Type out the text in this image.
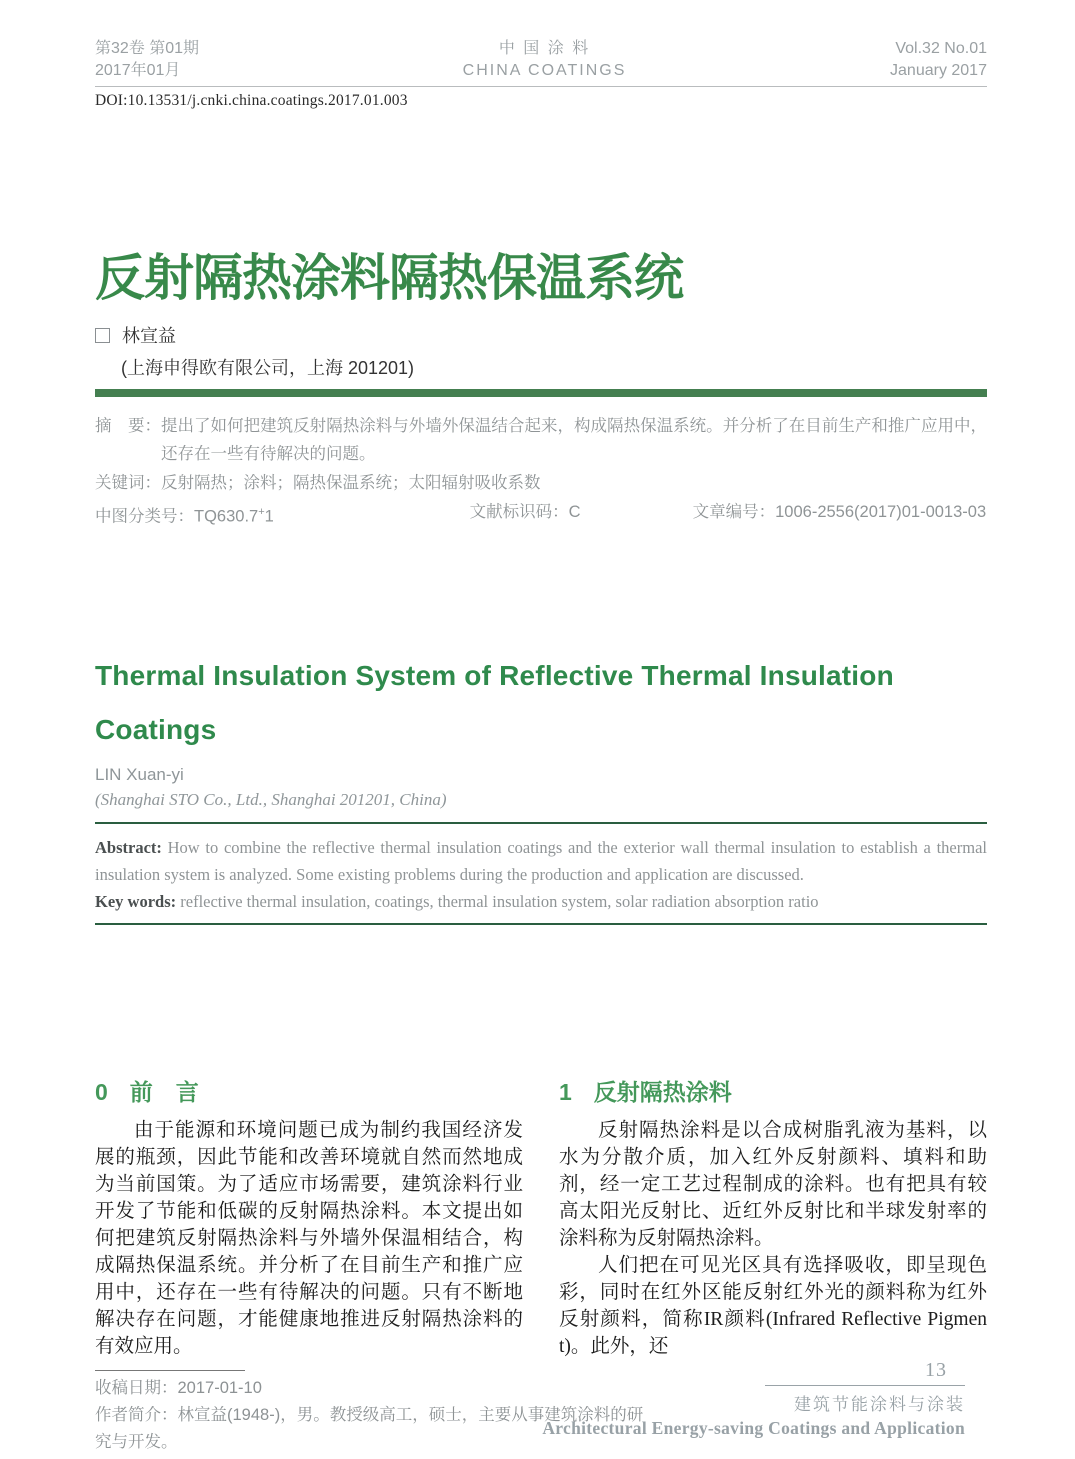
第32卷 第01期
2017年01月
中 国 涂 料
CHINA COATINGS
Vol.32 No.01
January 2017
DOI:10.13531/j.cnki.china.coatings.2017.01.003
反射隔热涂料隔热保温系统
林宣益
(上海申得欧有限公司，上海 201201)
摘　要： 提出了如何把建筑反射隔热涂料与外墙外保温结合起来，构成隔热保温系统。并分析了在目前生产和推广应用中，还存在一些有待解决的问题。
关键词：反射隔热；涂料；隔热保温系统；太阳辐射吸收系数
中图分类号：TQ630.7+1	文献标识码：C	文章编号：1006-2556(2017)01-0013-03
Thermal Insulation System of Reflective Thermal Insulation Coatings
LIN Xuan-yi
(Shanghai STO Co., Ltd., Shanghai 201201, China)

Abstract: How to combine the reflective thermal insulation coatings and the exterior wall thermal insulation to establish a thermal insulation system is analyzed. Some existing problems during the production and application are discussed.

Key words: reflective thermal insulation, coatings, thermal insulation system, solar radiation absorption ratio

0 前　言

由于能源和环境问题已成为制约我国经济发展的瓶颈，因此节能和改善环境就自然而然地成为当前国策。为了适应市场需要，建筑涂料行业开发了节能和低碳的反射隔热涂料。本文提出如何把建筑反射隔热涂料与外墙外保温相结合，构成隔热保温系统。并分析了在目前生产和推广应用中，还存在一些有待解决的问题。只有不断地解决存在问题，才能健康地推进反射隔热涂料的有效应用。

收稿日期：2017-01-10
作者简介：林宣益(1948-)，男。教授级高工，硕士，主要从事建筑涂料的研究与开发。
1 反射隔热涂料

反射隔热涂料是以合成树脂乳液为基料，以水为分散介质，加入红外反射颜料、填料和助剂，经一定工艺过程制成的涂料。也有把具有较高太阳光反射比、近红外反射比和半球发射率的涂料称为反射隔热涂料。

人们把在可见光区具有选择吸收，即呈现色彩，同时在红外区能反射红外光的颜料称为红外反射颜料，简称IR颜料(Infrared Reflective Pigment)。此外，还

13
建筑节能涂料与涂装
Architectural Energy-saving Coatings and Application
